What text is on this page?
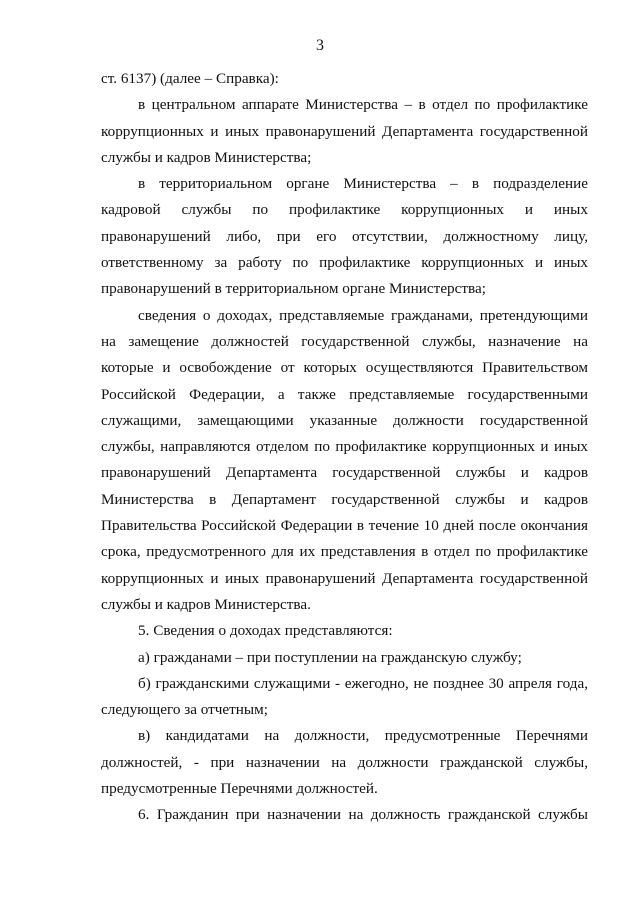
3

ст. 6137) (далее – Справка):

в центральном аппарате Министерства – в отдел по профилактике коррупционных и иных правонарушений Департамента государственной службы и кадров Министерства;

в территориальном органе Министерства – в подразделение кадровой службы по профилактике коррупционных и иных правонарушений либо, при его отсутствии, должностному лицу, ответственному за работу по профилактике коррупционных и иных правонарушений в территориальном органе Министерства;

сведения о доходах, представляемые гражданами, претендующими на замещение должностей государственной службы, назначение на которые и освобождение от которых осуществляются Правительством Российской Федерации, а также представляемые государственными служащими, замещающими указанные должности государственной службы, направляются отделом по профилактике коррупционных и иных правонарушений Департамента государственной службы и кадров Министерства в Департамент государственной службы и кадров Правительства Российской Федерации в течение 10 дней после окончания срока, предусмотренного для их представления в отдел по профилактике коррупционных и иных правонарушений Департамента государственной службы и кадров Министерства.

5. Сведения о доходах представляются:

а) гражданами – при поступлении на гражданскую службу;

б) гражданскими служащими - ежегодно, не позднее 30 апреля года, следующего за отчетным;

в) кандидатами на должности, предусмотренные Перечнями должностей, - при назначении на должности гражданской службы, предусмотренные Перечнями должностей.

6. Гражданин при назначении на должность гражданской службы
